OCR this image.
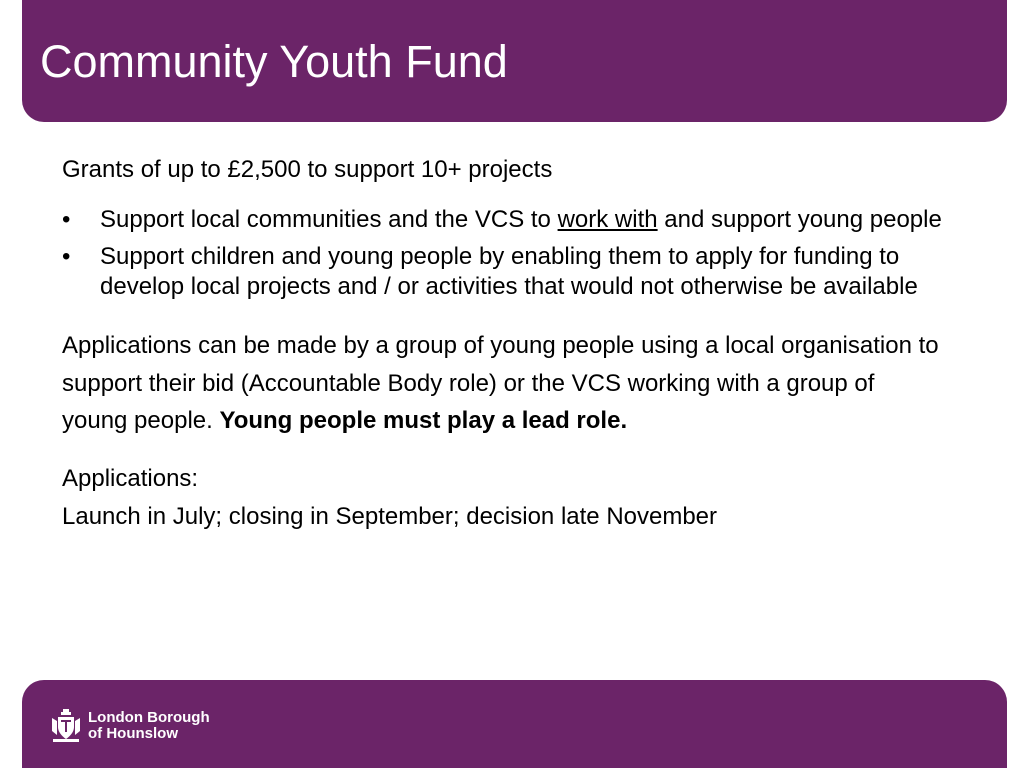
Community Youth Fund

Grants of up to £2,500 to support 10+ projects

• Support local communities and the VCS to work with and support young people
• Support children and young people by enabling them to apply for funding to develop local projects and / or activities that would not otherwise be available

Applications can be made by a group of young people using a local organisation to support their bid (Accountable Body role) or the VCS working with a group of young people. Young people must play a lead role.

Applications:
Launch in July; closing in September; decision late November

London Borough
of Hounslow
